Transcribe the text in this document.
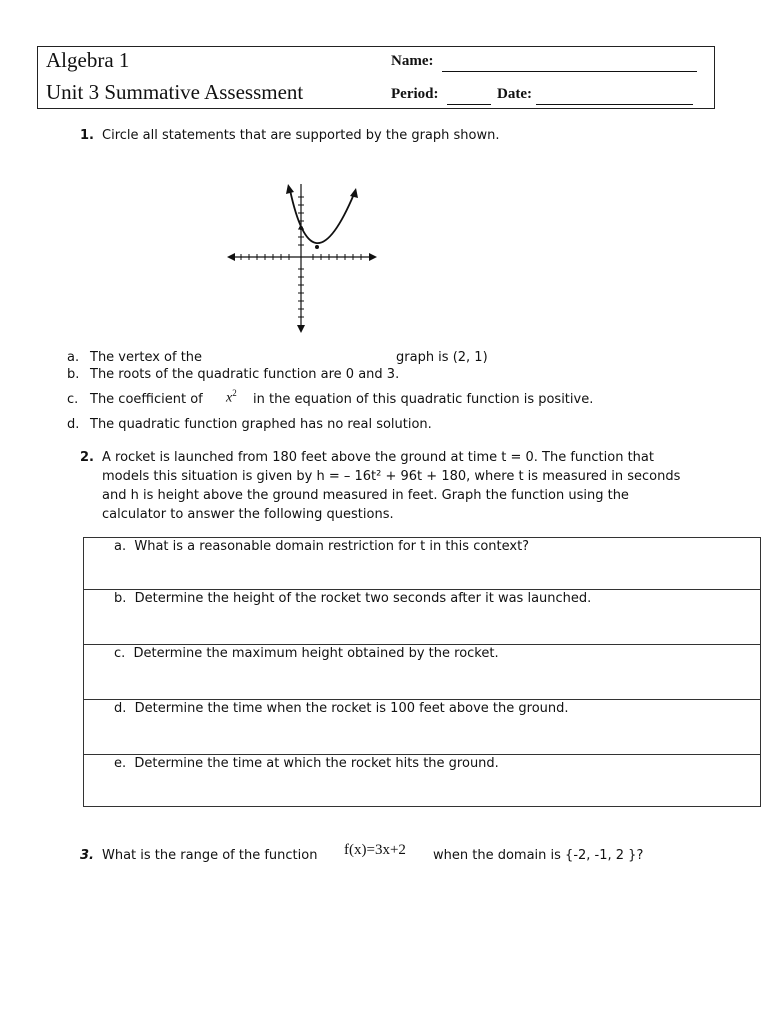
Algebra 1
Unit 3 Summative Assessment
Name:
Period:	Date:
1. Circle all statements that are supported by the graph shown.
a. The vertex of the	graph is (2, 1)
b. The roots of the quadratic function are 0 and 3.
c. The coefficient of $x^2$ in the equation of this quadratic function is positive.
d. The quadratic function graphed has no real solution.
2. A rocket is launched from 180 feet above the ground at time t = 0. The function that
models this situation is given by h = – 16t² + 96t + 180, where t is measured in seconds
and h is height above the ground measured in feet. Graph the function using the
calculator to answer the following questions.
a. What is a reasonable domain restriction for t in this context?

b. Determine the height of the rocket two seconds after it was launched.

c. Determine the maximum height obtained by the rocket.

d. Determine the time when the rocket is 100 feet above the ground.

e. Determine the time at which the rocket hits the ground.
3. What is the range of the function f(x)=3x+2 when the domain is {-2, -1, 2 }?
